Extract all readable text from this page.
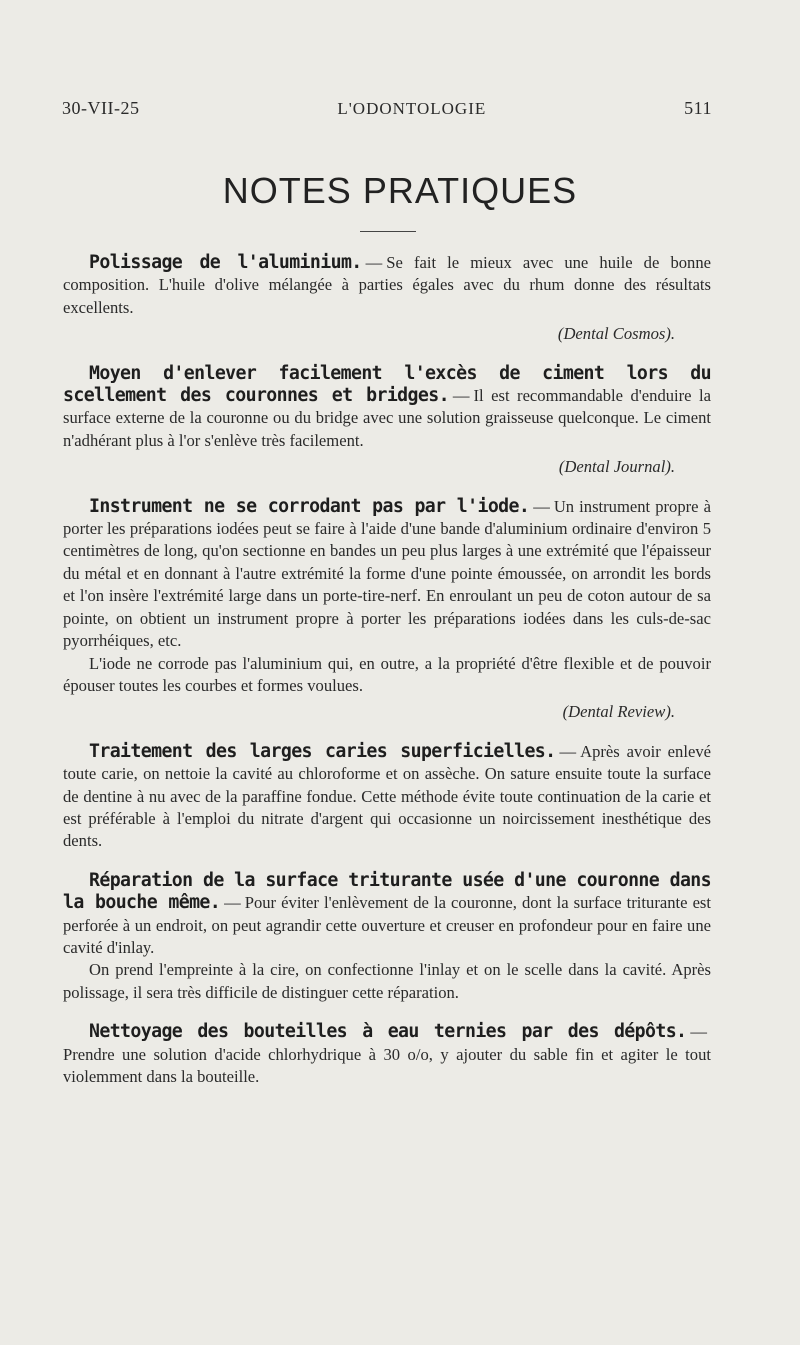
30-VII-25	L'ODONTOLOGIE	511
NOTES PRATIQUES

Polissage de l'aluminium. — Se fait le mieux avec une huile de bonne composition. L'huile d'olive mélangée à parties égales avec du rhum donne des résultats excellents.

(Dental Cosmos).

Moyen d'enlever facilement l'excès de ciment lors du scellement des couronnes et bridges. — Il est recommandable d'enduire la surface externe de la couronne ou du bridge avec une solution graisseuse quelconque. Le ciment n'adhérant plus à l'or s'enlève très facilement.

(Dental Journal).

Instrument ne se corrodant pas par l'iode. — Un instrument propre à porter les préparations iodées peut se faire à l'aide d'une bande d'aluminium ordinaire d'environ 5 centimètres de long, qu'on sectionne en bandes un peu plus larges à une extrémité que l'épaisseur du métal et en donnant à l'autre extrémité la forme d'une pointe émoussée, on arrondit les bords et l'on insère l'extrémité large dans un porte-tire-nerf. En enroulant un peu de coton autour de sa pointe, on obtient un instrument propre à porter les préparations iodées dans les culs-de-sac pyorrhéiques, etc.

L'iode ne corrode pas l'aluminium qui, en outre, a la propriété d'être flexible et de pouvoir épouser toutes les courbes et formes voulues.

(Dental Review).

Traitement des larges caries superficielles. — Après avoir enlevé toute carie, on nettoie la cavité au chloroforme et on assèche. On sature ensuite toute la surface de dentine à nu avec de la paraffine fondue. Cette méthode évite toute continuation de la carie et est préférable à l'emploi du nitrate d'argent qui occasionne un noircissement inesthétique des dents.

Réparation de la surface triturante usée d'une couronne dans la bouche même. — Pour éviter l'enlèvement de la couronne, dont la surface triturante est perforée à un endroit, on peut agrandir cette ouverture et creuser en profondeur pour en faire une cavité d'inlay.

On prend l'empreinte à la cire, on confectionne l'inlay et on le scelle dans la cavité. Après polissage, il sera très difficile de distinguer cette réparation.

Nettoyage des bouteilles à eau ternies par des dépôts. —Prendre une solution d'acide chlorhydrique à 30 o/o, y ajouter du sable fin et agiter le tout violemment dans la bouteille.
